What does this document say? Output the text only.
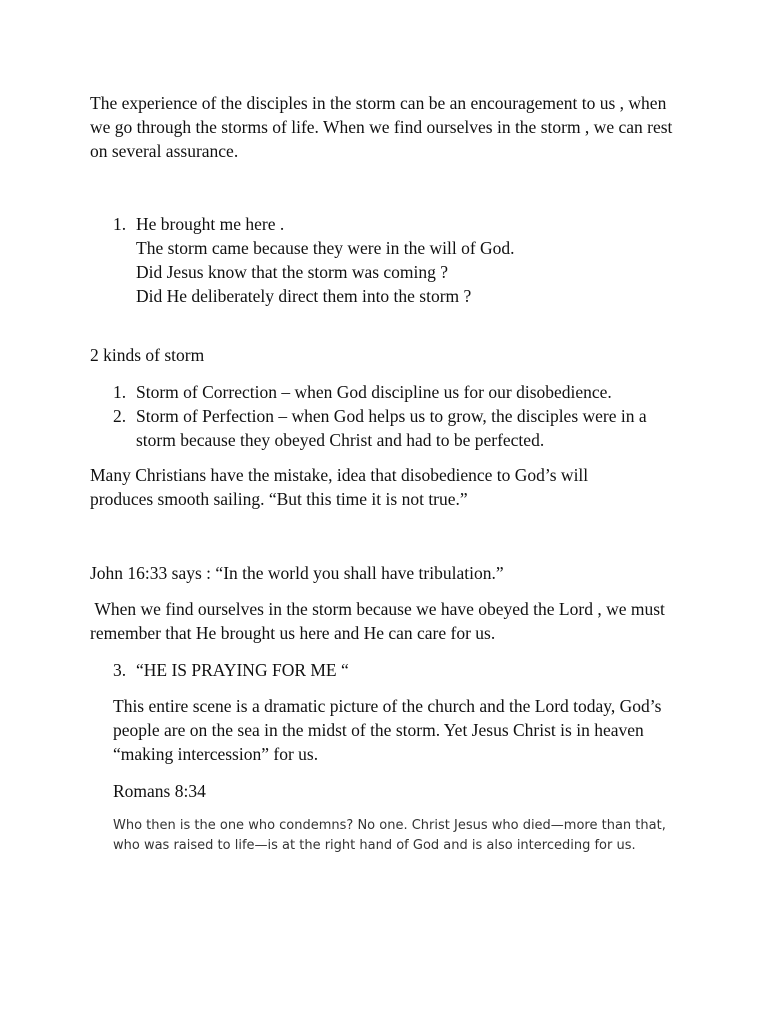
The experience of the disciples in the storm can be an encouragement to us , when we go through the storms of life. When we find ourselves in the storm , we can rest on several assurance.

1. He brought me here .
The storm came because they were in the will of God.
Did Jesus know that the storm was coming ?
Did He deliberately direct them into the storm ?

2 kinds of storm

1. Storm of Correction – when God discipline us for our disobedience.
2. Storm of Perfection – when God helps us to grow, the disciples were in a storm because they obeyed Christ and had to be perfected.

Many Christians have the mistake, idea that disobedience to God’s will produces smooth sailing. “But this time it is not true.”

John 16:33 says : “In the world you shall have tribulation.”

When we find ourselves in the storm because we have obeyed the Lord , we must remember that He brought us here and He can care for us.

3. “HE IS PRAYING FOR ME “

This entire scene is a dramatic picture of the church and the Lord today, God’s people are on the sea in the midst of the storm. Yet Jesus Christ is in heaven “making intercession” for us.

Romans 8:34

Who then is the one who condemns? No one. Christ Jesus who died—more than that, who was raised to life—is at the right hand of God and is also interceding for us.
